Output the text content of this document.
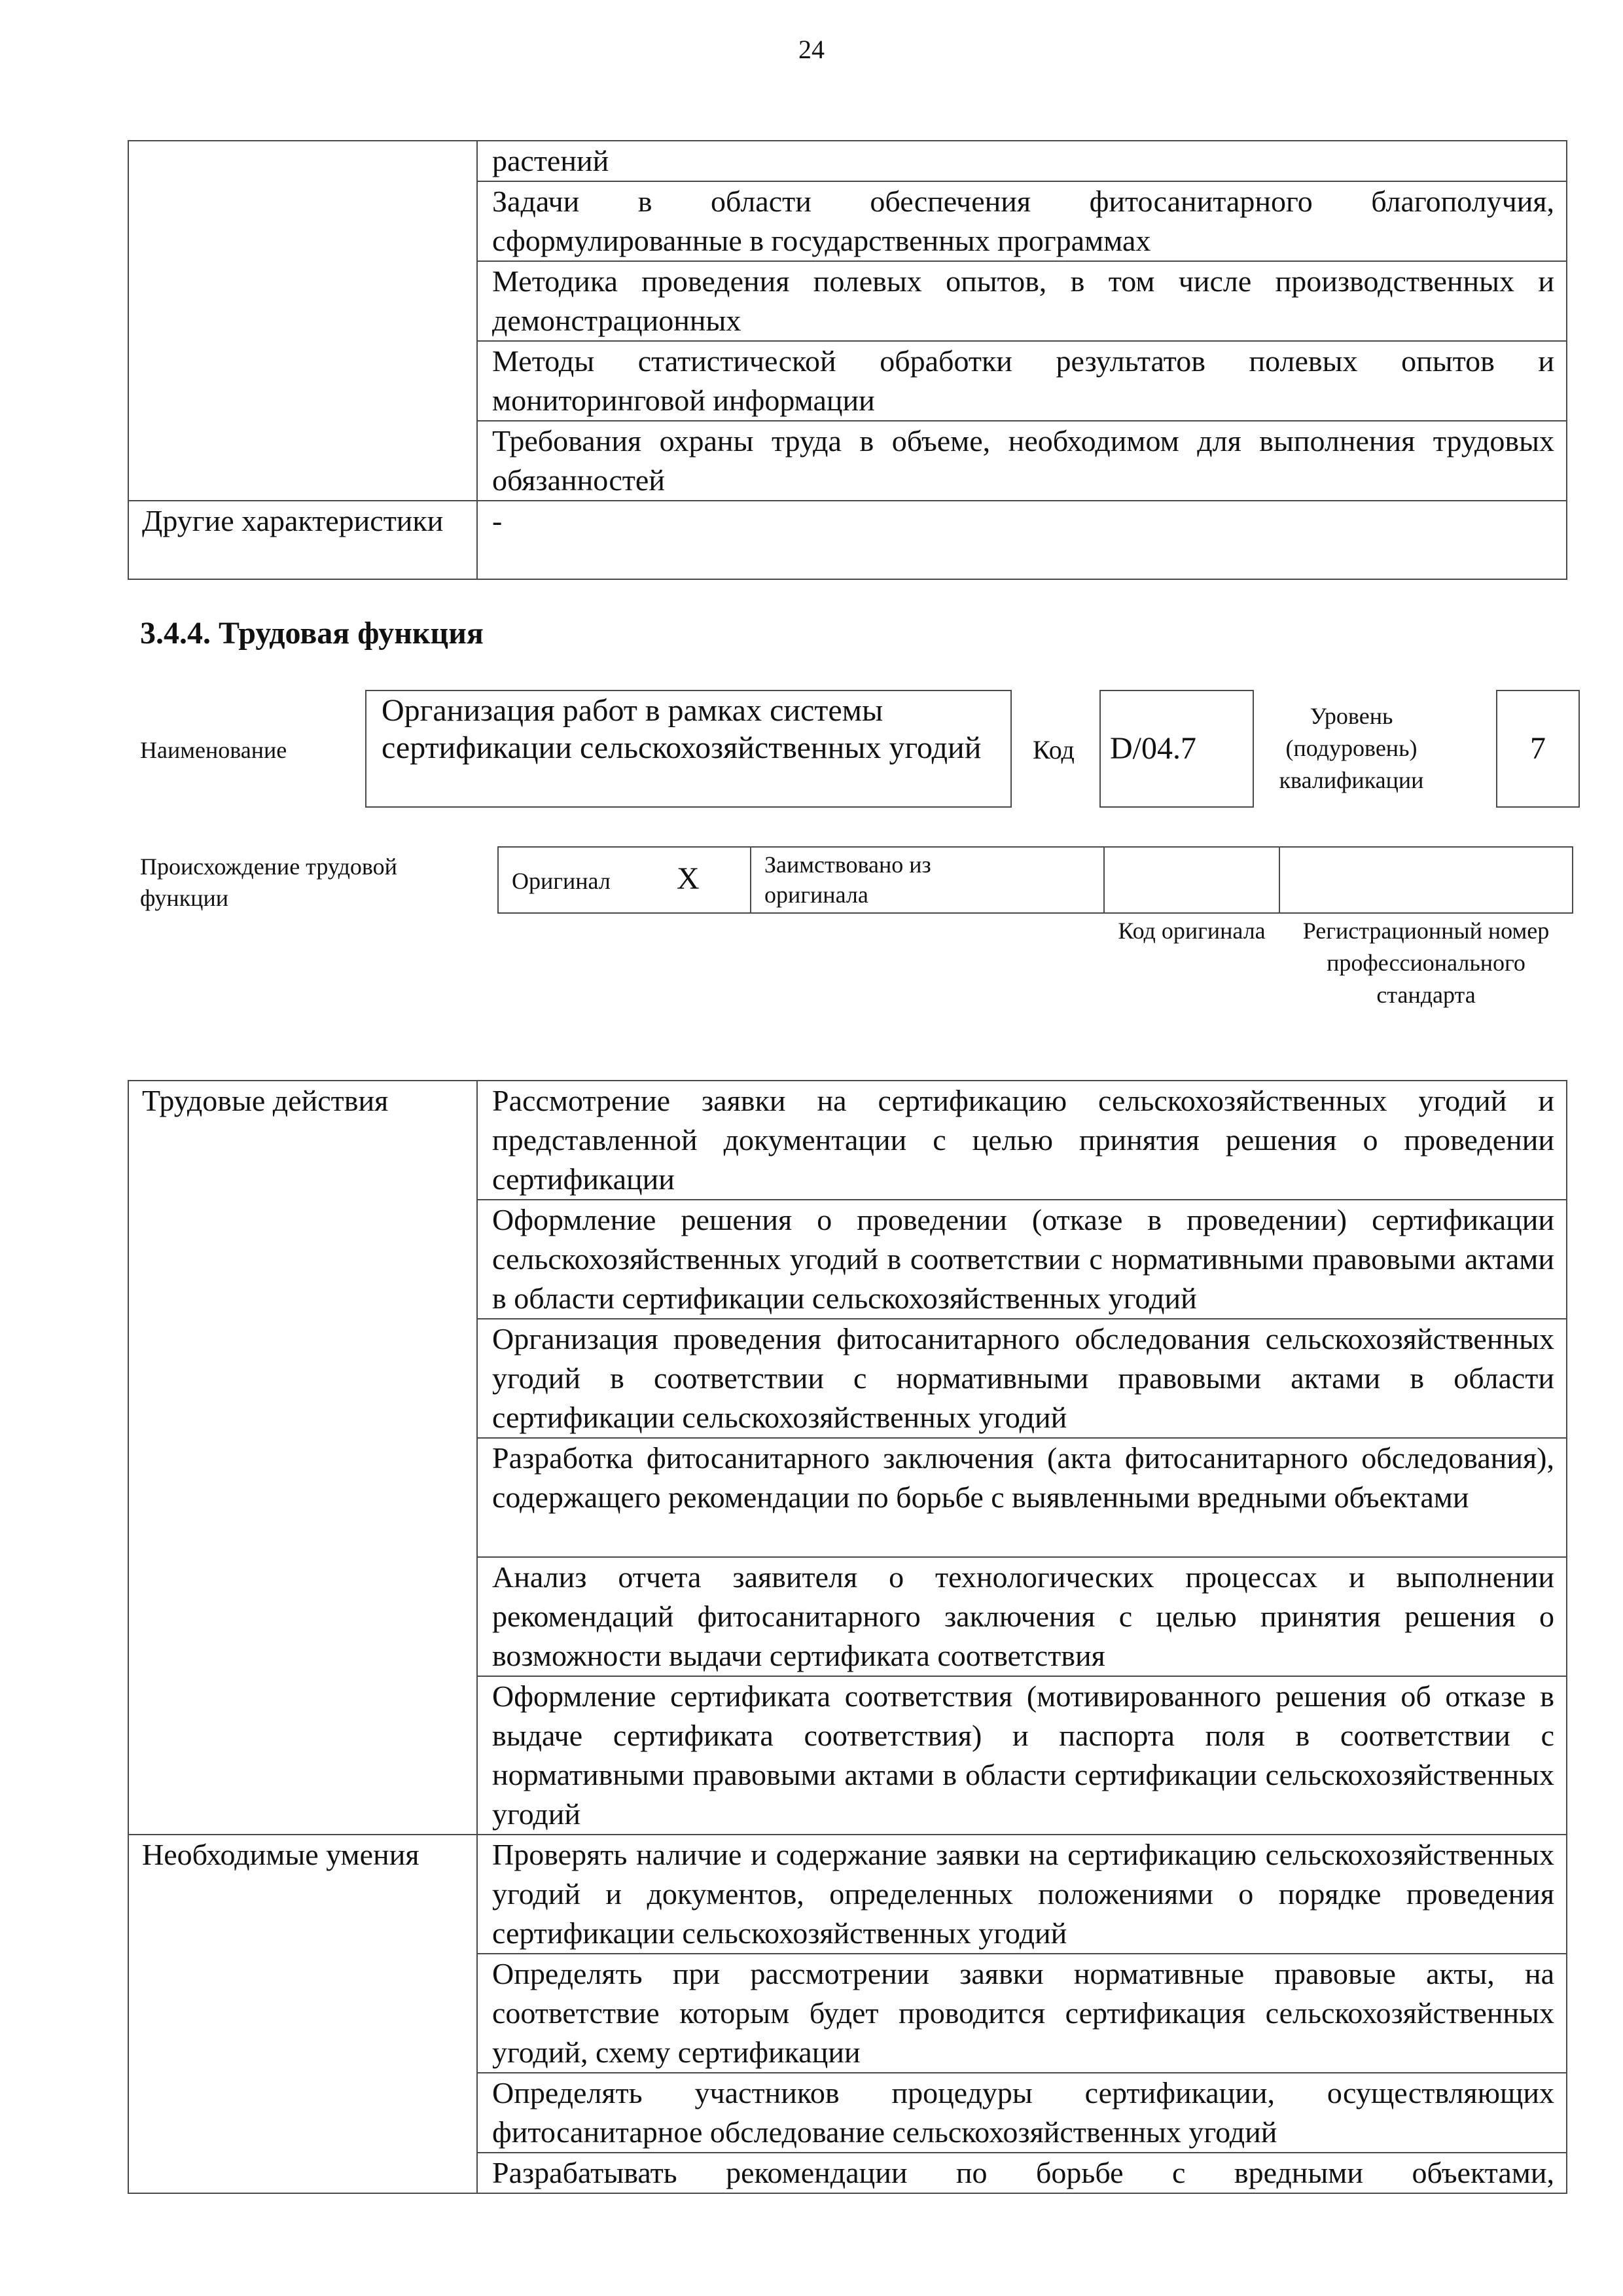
24
	растений
	Задачи в области обеспечения фитосанитарного благополучия, сформулированные в государственных программах
	Методика проведения полевых опытов, в том числе производственных и демонстрационных
	Методы статистической обработки результатов полевых опытов и мониторинговой информации
	Требования охраны труда в объеме, необходимом для выполнения трудовых обязанностей
Другие характеристики	-
3.4.4. Трудовая функция
Наименование
Организация работ в рамках системы сертификации сельскохозяйственных угодий	Код D/04.7
Уровень (подуровень) квалификации
7
Происхождение трудовой функции
Оригинал X	Заимствовано из оригинала
Код оригинала Регистрационный номер профессионального стандарта
Трудовые действия	Рассмотрение заявки на сертификацию сельскохозяйственных угодий и представленной документации с целью принятия решения о проведении сертификации
	Оформление решения о проведении (отказе в проведении) сертификации сельскохозяйственных угодий в соответствии с нормативными правовыми актами в области сертификации сельскохозяйственных угодий
	Организация проведения фитосанитарного обследования сельскохозяйственных угодий в соответствии с нормативными правовыми актами в области сертификации сельскохозяйственных угодий
	Разработка фитосанитарного заключения (акта фитосанитарного обследования), содержащего рекомендации по борьбе с выявленными вредными объектами
	Анализ отчета заявителя о технологических процессах и выполнении рекомендаций фитосанитарного заключения с целью принятия решения о возможности выдачи сертификата соответствия
	Оформление сертификата соответствия (мотивированного решения об отказе в выдаче сертификата соответствия) и паспорта поля в соответствии с нормативными правовыми актами в области сертификации сельскохозяйственных угодий
Необходимые умения	Проверять наличие и содержание заявки на сертификацию сельскохозяйственных угодий и документов, определенных положениями о порядке проведения сертификации сельскохозяйственных угодий
	Определять при рассмотрении заявки нормативные правовые акты, на соответствие которым будет проводится сертификация сельскохозяйственных угодий, схему сертификации
	Определять участников процедуры сертификации, осуществляющих фитосанитарное обследование сельскохозяйственных угодий
	Разрабатывать рекомендации по борьбе с вредными объектами,
